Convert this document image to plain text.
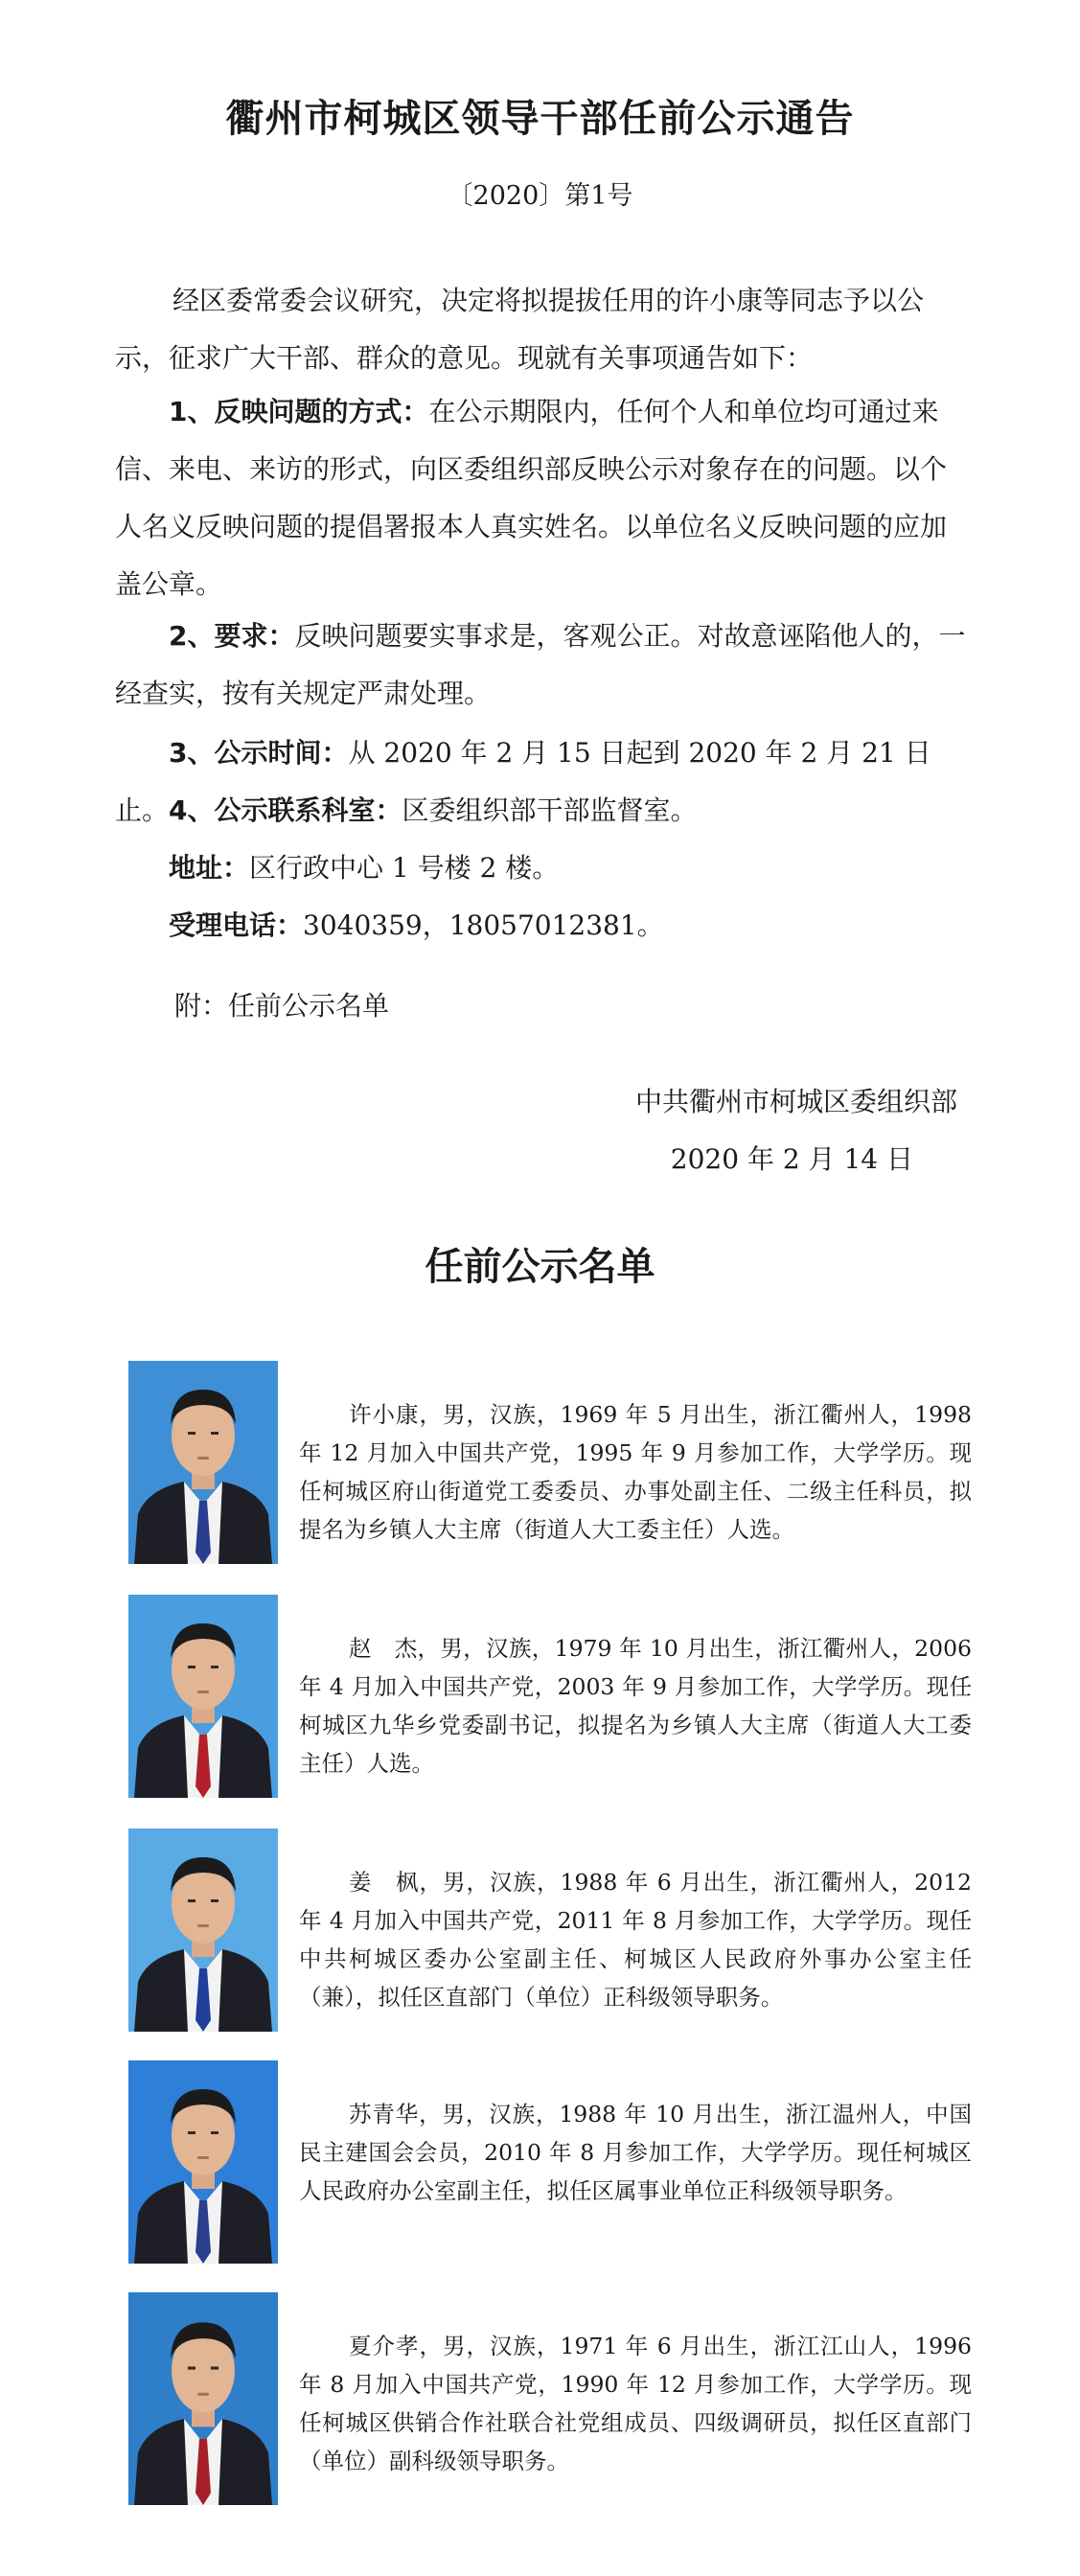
衢州市柯城区领导干部任前公示通告
〔2020〕第1号
经区委常委会议研究，决定将拟提拔任用的许小康等同志予以公示，征求广大干部、群众的意见。现就有关事项通告如下：
1、反映问题的方式：在公示期限内，任何个人和单位均可通过来信、来电、来访的形式，向区委组织部反映公示对象存在的问题。以个人名义反映问题的提倡署报本人真实姓名。以单位名义反映问题的应加盖公章。
2、要求：反映问题要实事求是，客观公正。对故意诬陷他人的，一经查实，按有关规定严肃处理。
3、公示时间：从 2020 年 2 月 15 日起到 2020 年 2 月 21 日止。 4、公示联系科室：区委组织部干部监督室。
地址：区行政中心 1 号楼 2 楼。
受理电话：3040359，18057012381。
附：任前公示名单
中共衢州市柯城区委组织部
2020 年 2 月 14 日
任前公示名单
许小康，男，汉族，1969 年 5 月出生，浙江衢州人，1998 年 12 月加入中国共产党，1995 年 9 月参加工作，大学学历。现任柯城区府山街道党工委委员、办事处副主任、二级主任科员，拟提名为乡镇人大主席（街道人大工委主任）人选。
赵　杰，男，汉族，1979 年 10 月出生，浙江衢州人，2006 年 4 月加入中国共产党，2003 年 9 月参加工作，大学学历。现任柯城区九华乡党委副书记，拟提名为乡镇人大主席（街道人大工委主任）人选。
姜　枫，男，汉族，1988 年 6 月出生，浙江衢州人，2012 年 4 月加入中国共产党，2011 年 8 月参加工作，大学学历。现任中共柯城区委办公室副主任、柯城区人民政府外事办公室主任（兼），拟任区直部门（单位）正科级领导职务。
苏青华，男，汉族，1988 年 10 月出生，浙江温州人，中国民主建国会会员，2010 年 8 月参加工作，大学学历。现任柯城区人民政府办公室副主任，拟任区属事业单位正科级领导职务。
夏介孝，男，汉族，1971 年 6 月出生，浙江江山人，1996 年 8 月加入中国共产党，1990 年 12 月参加工作，大学学历。现任柯城区供销合作社联合社党组成员、四级调研员，拟任区直部门（单位）副科级领导职务。
